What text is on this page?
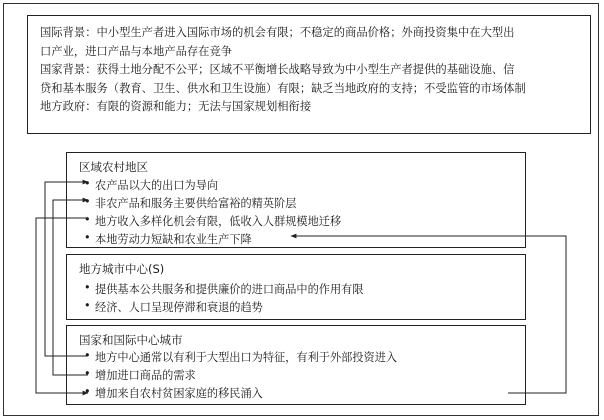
国际背景：中小型生产者进入国际市场的机会有限；不稳定的商品价格；外商投资集中在大型出

口产业，进口产品与本地产品存在竞争

国家背景：获得土地分配不公平；区域不平衡增长战略导致为中小型生产者提供的基础设施、信

贷和基本服务（教育、卫生、供水和卫生设施）有限；缺乏当地政府的支持；不受监管的市场体制

地方政府：有限的资源和能力；无法与国家规划相衔接

区域农村地区
• 农产品以大的出口为导向
• 非农产品和服务主要供给富裕的精英阶层
• 地方收入多样化机会有限，低收入人群规模地迁移
• 本地劳动力短缺和农业生产下降
地方城市中心(S)
• 提供基本公共服务和提供廉价的进口商品中的作用有限
• 经济、人口呈现停滞和衰退的趋势
国家和国际中心城市
• 地方中心通常以有利于大型出口为特征，有利于外部投资进入
• 增加进口商品的需求
• 增加来自农村贫困家庭的移民涌入
